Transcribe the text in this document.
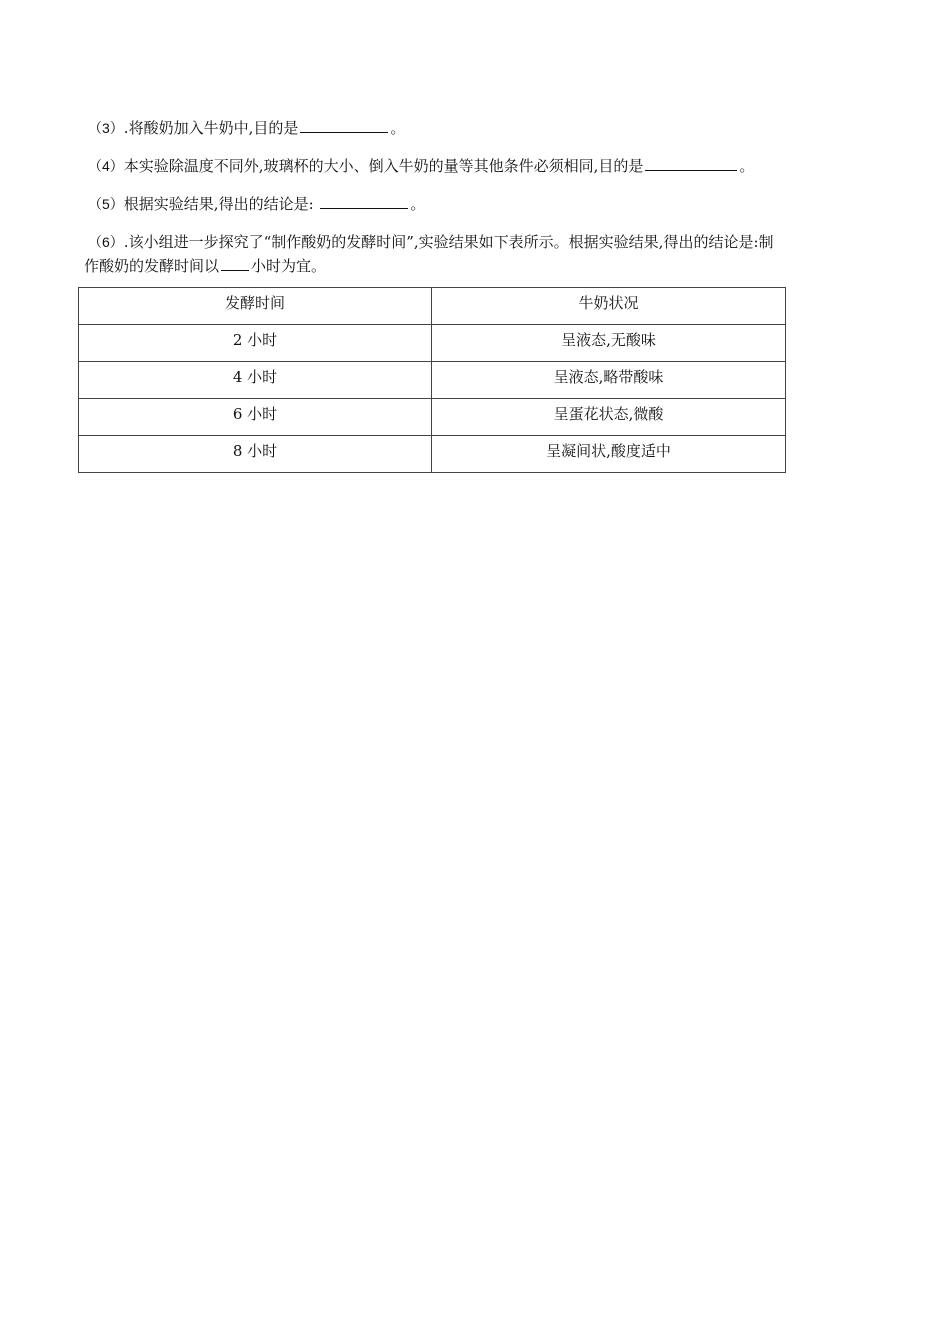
（3）.将酸奶加入牛奶中,目的是	。
（4）本实验除温度不同外,玻璃杯的大小、倒入牛奶的量等其他条件必须相同,目的是	。
（5）根据实验结果,得出的结论是:	。
（6）.该小组进一步探究了“制作酸奶的发酵时间”,实验结果如下表所示。根据实验结果,得出的结论是:制
作酸奶的发酵时间以 小时为宜。
发酵时间	牛奶状况
2 小时	呈液态,无酸味
4 小时	呈液态,略带酸味
6 小时	呈蛋花状态,微酸
8 小时	呈凝间状,酸度适中
